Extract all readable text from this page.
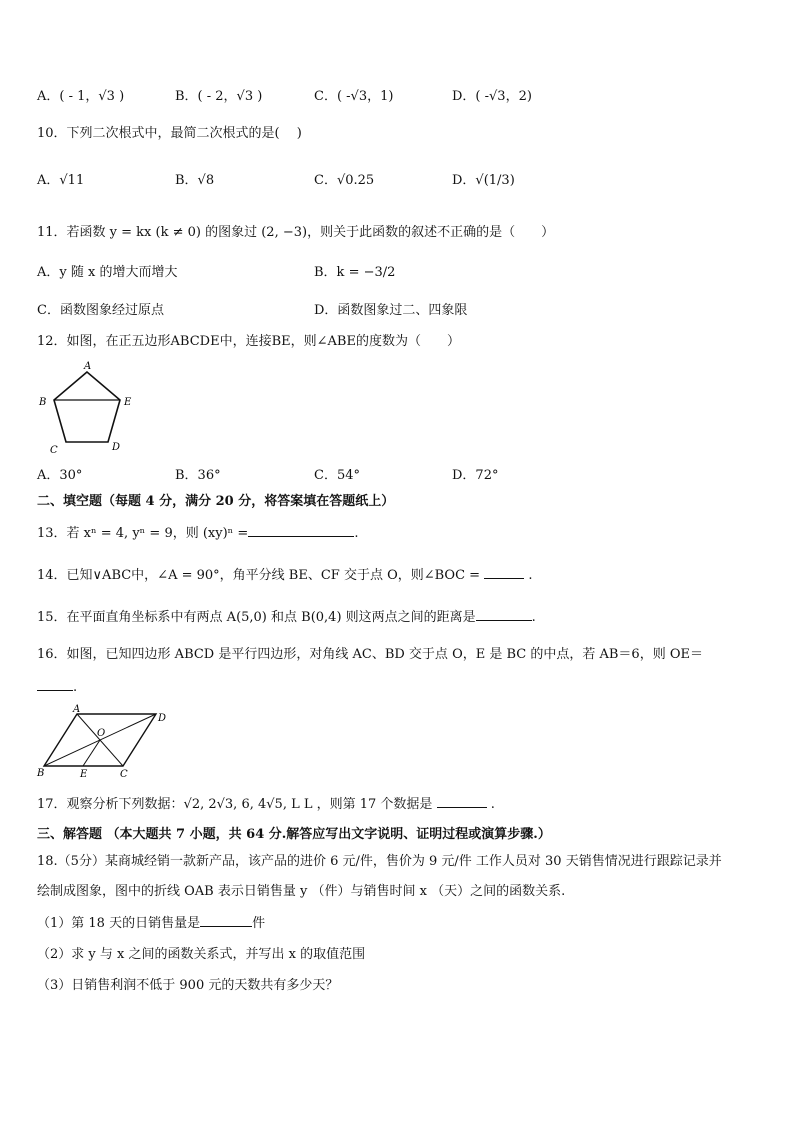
A．( - 1，√3 )	B．( - 2，√3 )	C．( -√3，1)	D．( -√3，2)
10．下列二次根式中，最简二次根式的是(　 )
A．√11	B．√8	C．√0.25	D．√(1/3)
11．若函数 y = kx (k ≠ 0) 的图象过 (2, −3)，则关于此函数的叙述不正确的是（　　）
A．y 随 x 的增大而增大	B．k = −3/2
C．函数图象经过原点	D．函数图象过二、四象限
12．如图，在正五边形ABCDE中，连接BE，则∠ABE的度数为（　　）
A
B	E
C	D
A．30°	B．36°	C．54°	D．72°
二、填空题（每题 4 分，满分 20 分，将答案填在答题纸上）
13．若 xⁿ = 4, yⁿ = 9，则 (xy)ⁿ =	.
14．已知∨ABC中，∠A = 90°，角平分线 BE、CF 交于点 O，则∠BOC =	.
15．在平面直角坐标系中有两点 A(5,0) 和点 B(0,4) 则这两点之间的距离是	.
16．如图，已知四边形 ABCD 是平行四边形，对角线 AC、BD 交于点 O，E 是 BC 的中点，若 AB＝6，则 OE＝
.
A
D
O
B	E	C
17．观察分析下列数据：√2, 2√3, 6, 4√5, L L ，则第 17 个数据是	.
三、解答题 （本大题共 7 小题，共 64 分.解答应写出文字说明、证明过程或演算步骤.）
18.（5分）某商城经销一款新产品，该产品的进价 6 元/件，售价为 9 元/件 工作人员对 30 天销售情况进行跟踪记录并
绘制成图象，图中的折线 OAB 表示日销售量 y （件）与销售时间 x （天）之间的函数关系.
（1）第 18 天的日销售量是	件
（2）求 y 与 x 之间的函数关系式，并写出 x 的取值范围
（3）日销售利润不低于 900 元的天数共有多少天？
